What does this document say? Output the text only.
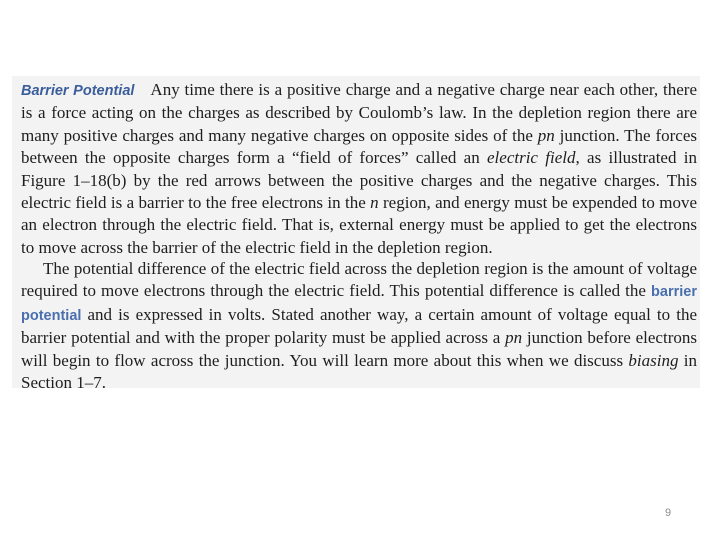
Barrier Potential Any time there is a positive charge and a negative charge near each other, there is a force acting on the charges as described by Coulomb’s law. In the depletion region there are many positive charges and many negative charges on opposite sides of the pn junction. The forces between the opposite charges form a “field of forces” called an electric field, as illustrated in Figure 1–18(b) by the red arrows between the positive charges and the negative charges. This electric field is a barrier to the free electrons in the n region, and energy must be expended to move an electron through the electric field. That is, external energy must be applied to get the electrons to move across the barrier of the electric field in the depletion region.

The potential difference of the electric field across the depletion region is the amount of voltage required to move electrons through the electric field. This potential difference is called the barrier potential and is expressed in volts. Stated another way, a certain amount of voltage equal to the barrier potential and with the proper polarity must be applied across a pn junction before electrons will begin to flow across the junction. You will learn more about this when we discuss biasing in Section 1–7.

9
